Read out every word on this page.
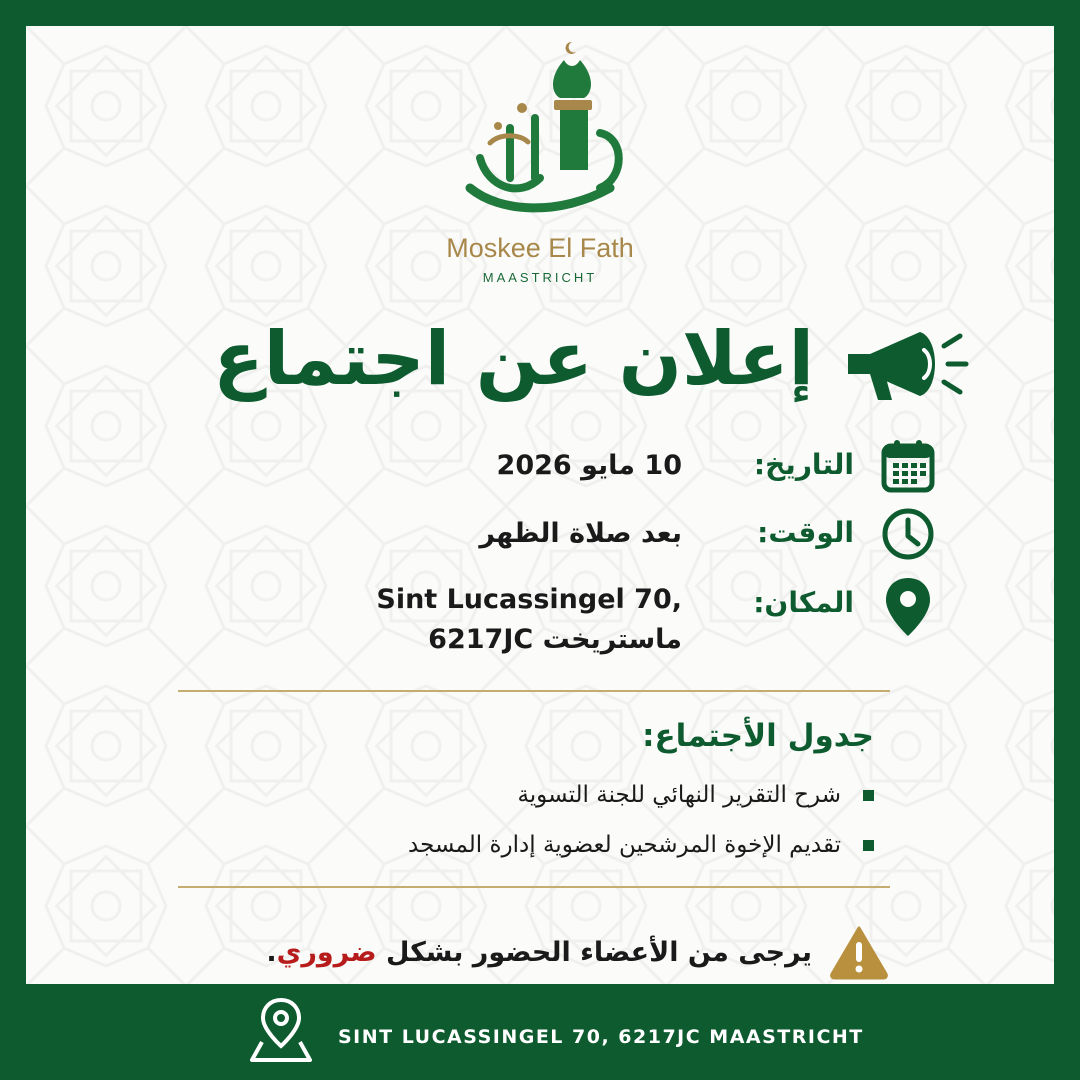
Moskee El Fath
MAASTRICHT
إعلان عن اجتماع
التاريخ:
10 مايو 2026
الوقت:
بعد صلاة الظهر
المكان:
Sint Lucassingel 70,
ماستريخت 6217JC
جدول الأجتماع:
شرح التقرير النهائي للجنة التسوية
تقديم الإخوة المرشحين لعضوية إدارة المسجد
يرجى من الأعضاء الحضور بشكل ضروري.
SINT LUCASSINGEL 70, 6217JC MAASTRICHT
